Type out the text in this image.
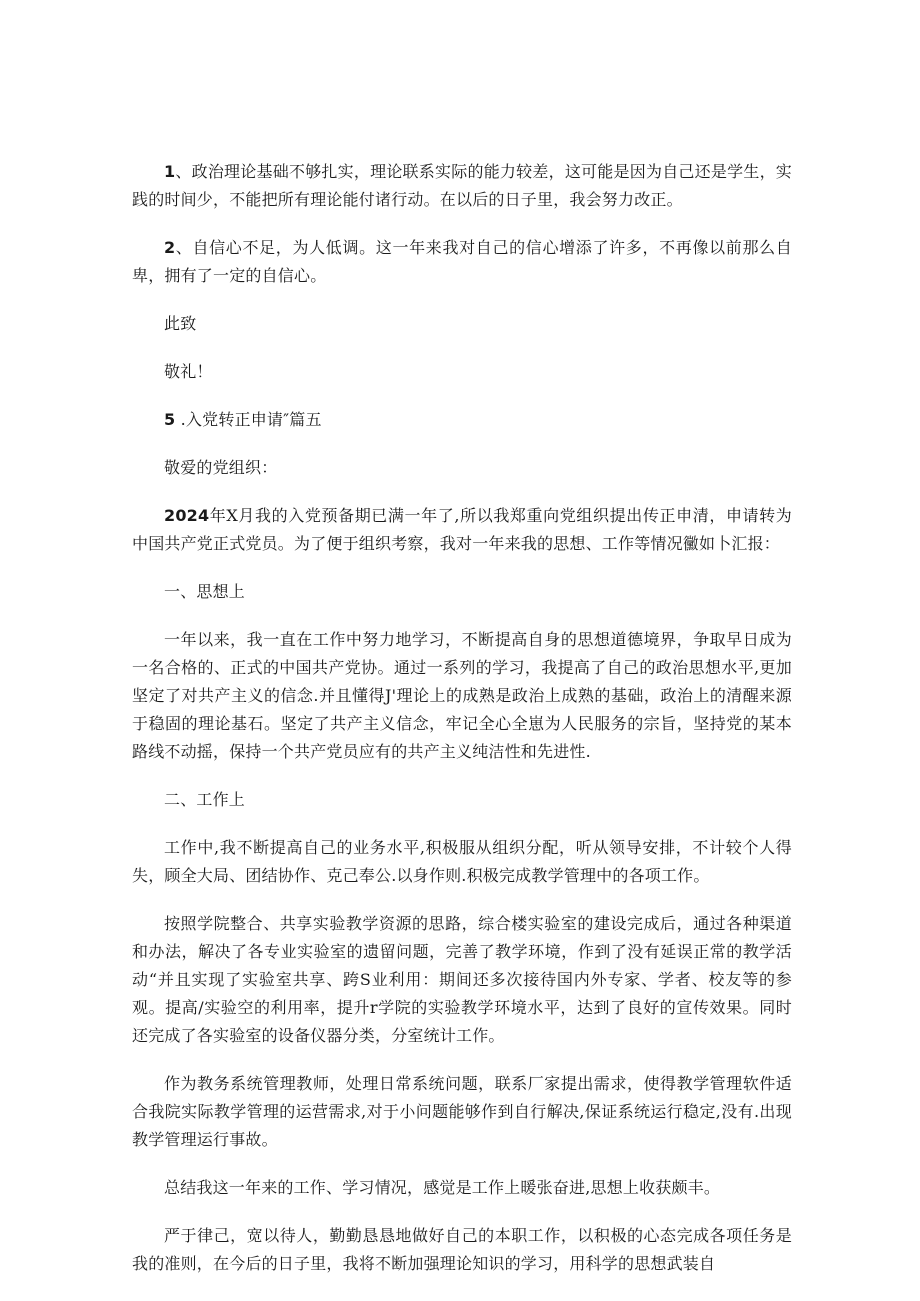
1、政治理论基础不够扎实，理论联系实际的能力较差，这可能是因为自己还是学生，实践的时间少，不能把所有理论能付诸行动。在以后的日子里，我会努力改正。

2、自信心不足，为人低调。这一年来我对自己的信心增添了许多，不再像以前那么自卑，拥有了一定的自信心。

此致

敬礼！

5 .入党转正申请″篇五

敬爱的党组织：

2024年X月我的入党预备期已满一年了,所以我郑重向党组织提出传正申清，申请转为中国共产党正式党员。为了便于组织考察，我对一年来我的思想、工作等情况黴如卜汇报：

一、思想上

一年以来，我一直在工作中努力地学习，不断提高自身的思想道德境界，争取早日成为一名合格的、正式的中国共产党协。通过一系列的学习，我提高了自己的政治思想水平,更加坚定了对共产主义的信念.并且懂得J'理论上的成熟是政治上成熟的基础，政治上的清醒来源于稳固的理论基石。坚定了共产主义信念，牢记全心全崽为人民服务的宗旨，坚持党的某本路线不动摇，保持一个共产党员应有的共产主义纯洁性和先进性.

二、工作上

工作中,我不断提高自己的业务水平,积极服从组织分配，听从领导安排，不计较个人得失，顾全大局、团结协作、克己奉公.以身作则.积极完成教学管理中的各项工作。

按照学院整合、共享实验教学资源的思路，综合楼实验室的建设完成后，通过各种渠道和办法，解决了各专业实验室的遗留问题，完善了教学环境，作到了没有延误正常的教学活动“并且实现了实验室共享、跨S业利用：期间还多次接待国内外专家、学者、校友等的参观。提高/实验空的利用率，提升r学院的实验教学环境水平，达到了良好的宣传效果。同时还完成了各实验室的设备仪器分类，分室统计工作。

作为教务系统管理教师，处理日常系统问题，联系厂家提出需求，使得教学管理软件适合我院实际教学管理的运营需求,对于小问题能够作到自行解决,保证系统运行稳定,没有.出现教学管理运行事故。

总结我这一年来的工作、学习情况，感觉是工作上暖张奋进,思想上收获颇丰。

严于律己，宽以待人，勤勤恳恳地做好自己的本职工作，以积极的心态完成各项任务是我的准则，在今后的日子里，我将不断加强理论知识的学习，用科学的思想武装自
